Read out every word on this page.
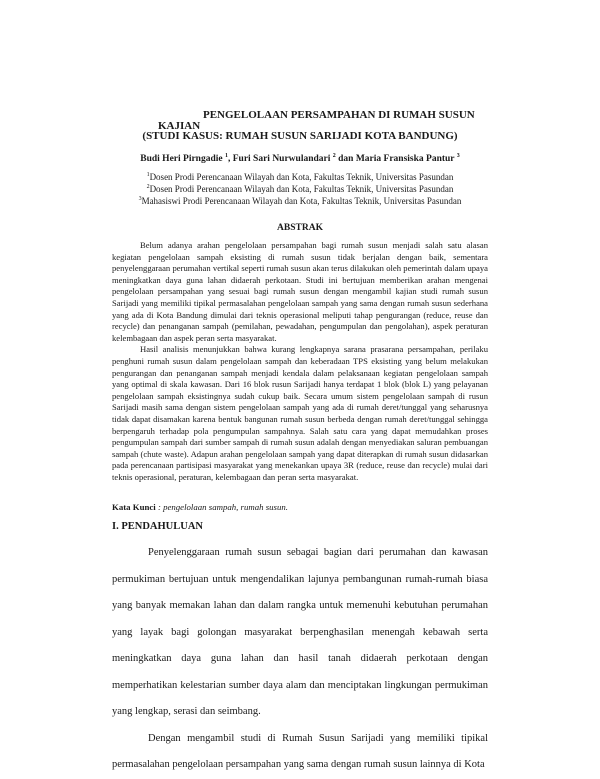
KAJIAN
PENGELOLAAN PERSAMPAHAN DI RUMAH SUSUN
(STUDI KASUS: RUMAH SUSUN SARIJADI KOTA BANDUNG)
Budi Heri Pirngadie $^1$, Furi Sari Nurwulandari $^2$ dan Maria Fransiska Pantur $^3$
$^1$Dosen Prodi Perencanaan Wilayah dan Kota, Fakultas Teknik, Universitas Pasundan
$^2$Dosen Prodi Perencanaan Wilayah dan Kota, Fakultas Teknik, Universitas Pasundan
$^3$Mahasiswi Prodi Perencanaan Wilayah dan Kota, Fakultas Teknik, Universitas Pasundan
ABSTRAK

Belum adanya arahan pengelolaan persampahan bagi rumah susun menjadi salah satu alasan kegiatan pengelolaan sampah eksisting di rumah susun tidak berjalan dengan baik, sementara penyelenggaraan perumahan vertikal seperti rumah susun akan terus dilakukan oleh pemerintah dalam upaya meningkatkan daya guna lahan didaerah perkotaan. Studi ini bertujuan memberikan arahan mengenai pengelolaan persampahan yang sesuai bagi rumah susun dengan mengambil kajian studi rumah susun Sarijadi yang memiliki tipikal permasalahan pengelolaan sampah yang sama dengan rumah susun sederhana yang ada di Kota Bandung dimulai dari teknis operasional meliputi tahap pengurangan (reduce, reuse dan recycle) dan penanganan sampah (pemilahan, pewadahan, pengumpulan dan pengolahan), aspek peraturan kelembagaan dan aspek peran serta masyarakat.

Hasil analisis menunjukkan bahwa kurang lengkapnya sarana prasarana persampahan, perilaku penghuni rumah susun dalam pengelolaan sampah dan keberadaan TPS eksisting yang belum melakukan pengurangan dan penanganan sampah menjadi kendala dalam pelaksanaan kegiatan pengelolaan sampah yang optimal di skala kawasan. Dari 16 blok rusun Sarijadi hanya terdapat 1 blok (blok L) yang pelayanan pengelolaan sampah eksistingnya sudah cukup baik. Secara umum sistem pengelolaan sampah di rusun Sarijadi masih sama dengan sistem pengelolaan sampah yang ada di rumah deret/tunggal yang seharusnya tidak dapat disamakan karena bentuk bangunan rumah susun berbeda dengan rumah deret/tunggal sehingga berpengaruh terhadap pola pengumpulan sampahnya. Salah satu cara yang dapat memudahkan proses pengumpulan sampah dari sumber sampah di rumah susun adalah dengan menyediakan saluran pembuangan sampah (chute waste). Adapun arahan pengelolaan sampah yang dapat diterapkan di rumah susun didasarkan pada perencanaan partisipasi masyarakat yang menekankan upaya 3R (reduce, reuse dan recycle) mulai dari teknis operasional, peraturan, kelembagaan dan peran serta masyarakat.

Kata Kunci : pengelolaan sampah, rumah susun.
I. PENDAHULUAN

Penyelenggaraan rumah susun sebagai bagian dari perumahan dan kawasan permukiman bertujuan untuk mengendalikan lajunya pembangunan rumah-rumah biasa yang banyak memakan lahan dan dalam rangka untuk memenuhi kebutuhan perumahan yang layak bagi golongan masyarakat berpenghasilan menengah kebawah serta meningkatkan daya guna lahan dan hasil tanah didaerah perkotaan dengan memperhatikan kelestarian sumber daya alam dan menciptakan lingkungan permukiman yang lengkap, serasi dan seimbang.

Dengan mengambil studi di Rumah Susun Sarijadi yang memiliki tipikal permasalahan pengelolaan persampahan yang sama dengan rumah susun lainnya di Kota
